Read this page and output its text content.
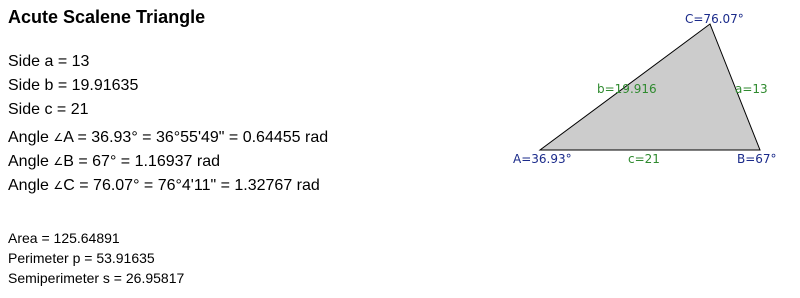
Acute Scalene Triangle
Side a = 13
Side b = 19.91635
Side c = 21
Angle ∠A = 36.93° = 36°55'49" = 0.64455 rad
Angle ∠B = 67° = 1.16937 rad
Angle ∠C = 76.07° = 76°4'11" = 1.32767 rad
Area = 125.64891
Perimeter p = 53.91635
Semiperimeter s = 26.95817
C=76.07°
A=36.93°	B=67°
b=19.916	a=13
c=21
